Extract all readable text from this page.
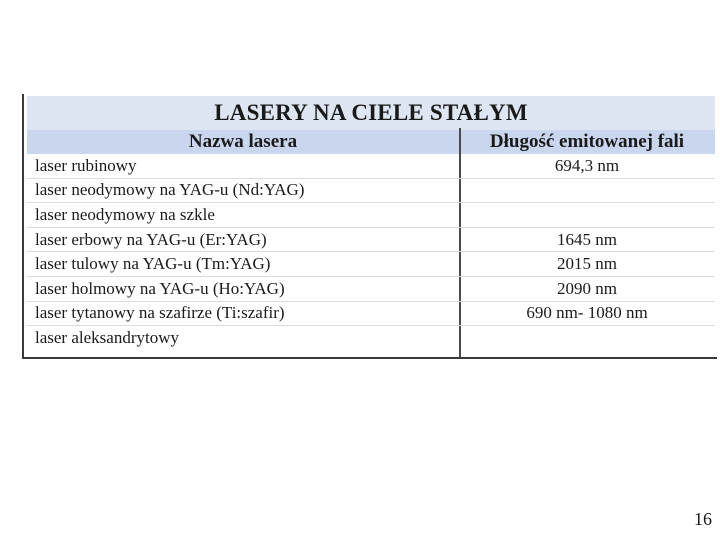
LASERY NA CIELE STAŁYM
Nazwa lasera	Długość emitowanej fali
laser rubinowy	694,3 nm
laser neodymowy na YAG-u (Nd:YAG)
laser neodymowy na szkle
laser erbowy na YAG-u (Er:YAG)	1645 nm
laser tulowy na YAG-u (Tm:YAG)	2015 nm
laser holmowy na YAG-u (Ho:YAG)	2090 nm
laser tytanowy na szafirze (Ti:szafir)	690 nm- 1080 nm
laser aleksandrytowy
16
